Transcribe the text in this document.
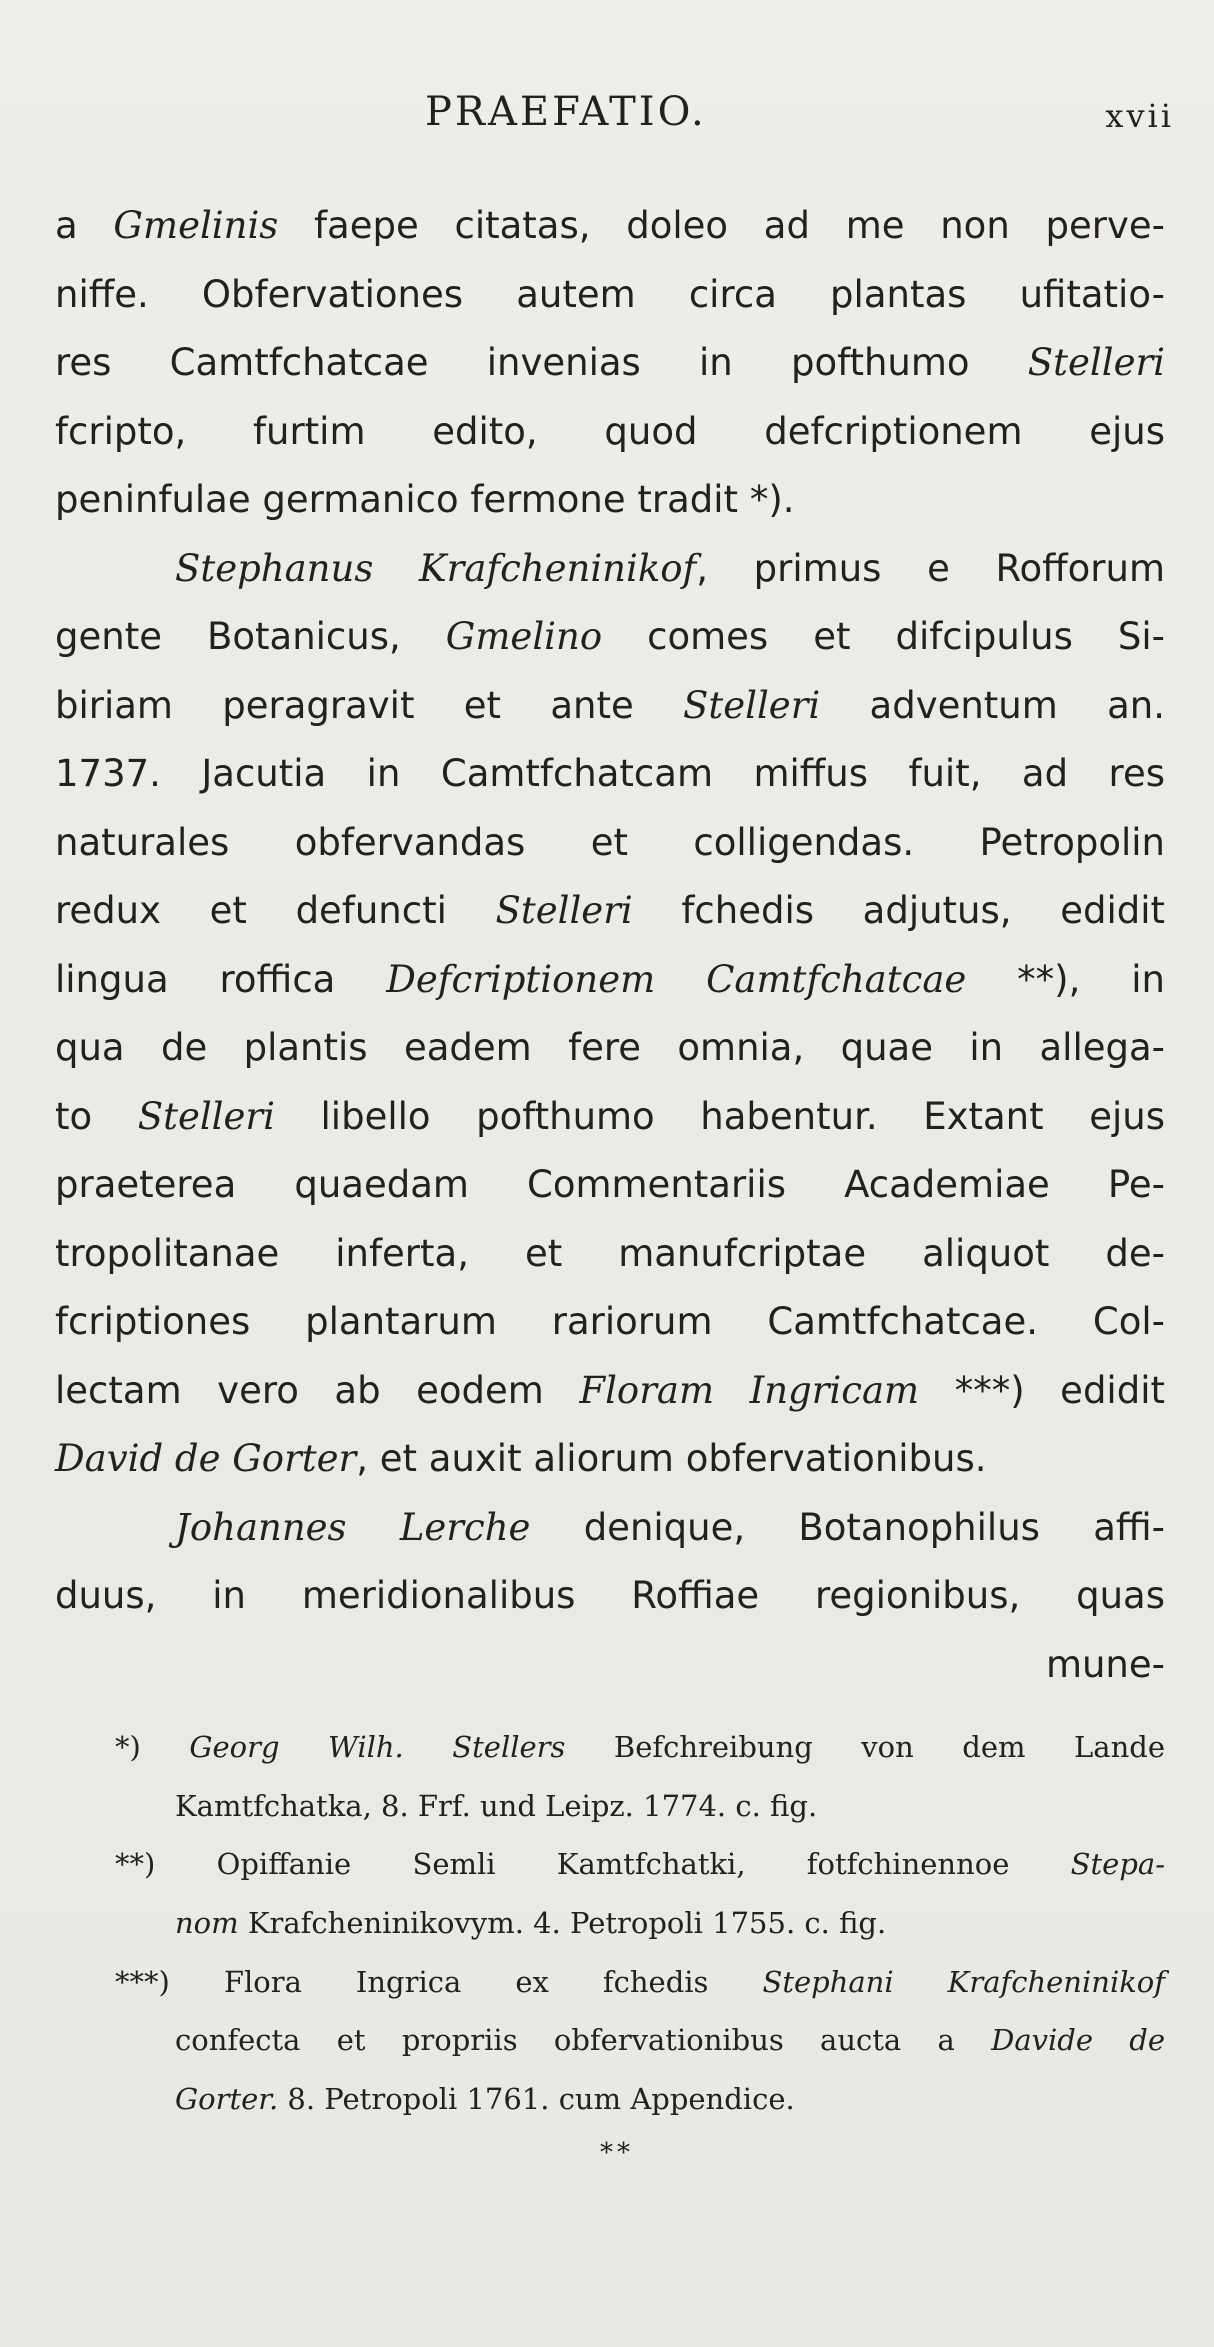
PRAEFATIO.	xvii
a Gmelinis faepe citatas, doleo ad me non perve-
niffe. Obfervationes autem circa plantas ufitatio-
res Camtfchatcae invenias in pofthumo Stelleri
fcripto, furtim edito, quod defcriptionem ejus
peninfulae germanico fermone tradit *).
Stephanus Krafcheninikof, primus e Rofforum
gente Botanicus, Gmelino comes et difcipulus Si-
biriam peragravit et ante Stelleri adventum an.
1737. Jacutia in Camtfchatcam miffus fuit, ad res
naturales obfervandas et colligendas. Petropolin
redux et defuncti Stelleri fchedis adjutus, edidit
lingua roffica Defcriptionem Camtfchatcae **), in
qua de plantis eadem fere omnia, quae in allega-
to Stelleri libello pofthumo habentur. Extant ejus
praeterea quaedam Commentariis Academiae Pe-
tropolitanae inferta, et manufcriptae aliquot de-
fcriptiones plantarum rariorum Camtfchatcae. Col-
lectam vero ab eodem Floram Ingricam ***) edidit
David de Gorter, et auxit aliorum obfervationibus.
Johannes Lerche denique, Botanophilus affi-
duus, in meridionalibus Roffiae regionibus, quas
mune-
*) Georg Wilh. Stellers Befchreibung von dem Lande
Kamtfchatka, 8. Frf. und Leipz. 1774. c. fig.
**) Opiffanie Semli Kamtfchatki, fotfchinennoe Stepa-
nom Krafcheninikovym. 4. Petropoli 1755. c. fig.
***) Flora Ingrica ex fchedis Stephani Krafcheninikof
confecta et propriis obfervationibus aucta a Davide de
Gorter. 8. Petropoli 1761. cum Appendice.
**
